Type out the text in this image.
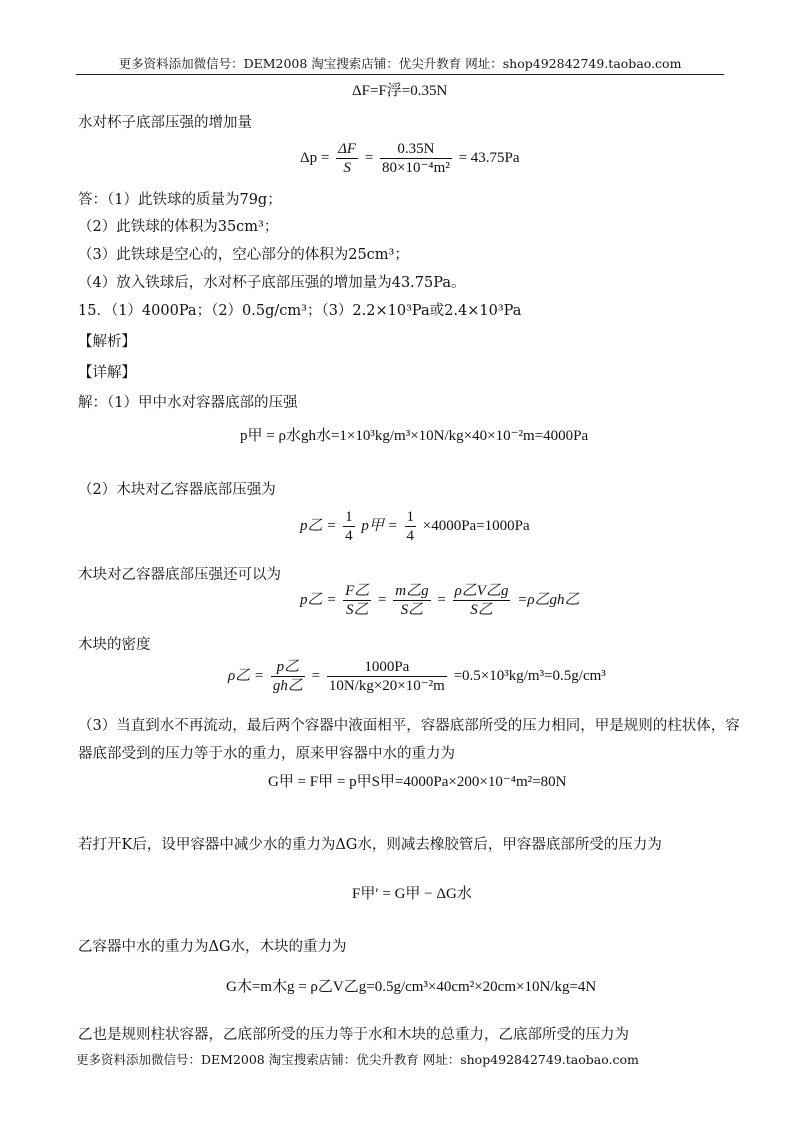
更多资料添加微信号：DEM2008 淘宝搜索店铺：优尖升教育 网址：shop492842749.taobao.com
ΔF=F浮=0.35N
水对杯子底部压强的增加量
$\Delta p = \frac{\Delta F}{S} = \frac{0.35N}{\text{80×10⁻⁴m²}} = 43.75Pa$
答：（1）此铁球的质量为79g；
（2）此铁球的体积为35cm³；
（3）此铁球是空心的，空心部分的体积为25cm³；
（4）放入铁球后，水对杯子底部压强的增加量为43.75Pa。
15．（1）4000Pa；（2）0.5g/cm³；（3）2.2×10³Pa或2.4×10³Pa
【解析】
【详解】
解：（1）甲中水对容器底部的压强
p甲 = ρ水gh水=1×10³kg/m³×10N/kg×40×10⁻²m=4000Pa
（2）木块对乙容器底部压强为
p乙 = $\frac{1}{4}$ p甲 = $\frac{1}{4} \times 4000Pa=1000Pa$
木块对乙容器底部压强还可以为
p乙 = $\frac{\text{F乙}}{\text{S乙}} = \frac{\text{m乙g}}{\text{S乙}} = \frac{\text{ρ乙V乙g}}{\text{S乙}} =\rho$乙gh乙
木块的密度
ρ乙 = $\frac{\text{p乙}}{\text{gh乙}} = \frac{1000Pa}{\text{10N/kg×20×10⁻²m}} =0.5\times 10^3kg/m^3=0.5g/cm^3$
（3）当直到水不再流动，最后两个容器中液面相平，容器底部所受的压力相同，甲是规则的柱状体，容
器底部受到的压力等于水的重力，原来甲容器中水的重力为
G甲 = F甲 = p甲S甲=4000Pa×200×10⁻⁴m²=80N
若打开K后，设甲容器中减少水的重力为ΔG水，则减去橡胶管后，甲容器底部所受的压力为
F甲′ = G甲 − ΔG水
乙容器中水的重力为ΔG水，木块的重力为
G木=m木g = ρ乙V乙g=0.5g/cm³×40cm²×20cm×10N/kg=4N
乙也是规则柱状容器，乙底部所受的压力等于水和木块的总重力，乙底部所受的压力为
更多资料添加微信号：DEM2008 淘宝搜索店铺：优尖升教育 网址：shop492842749.taobao.com
